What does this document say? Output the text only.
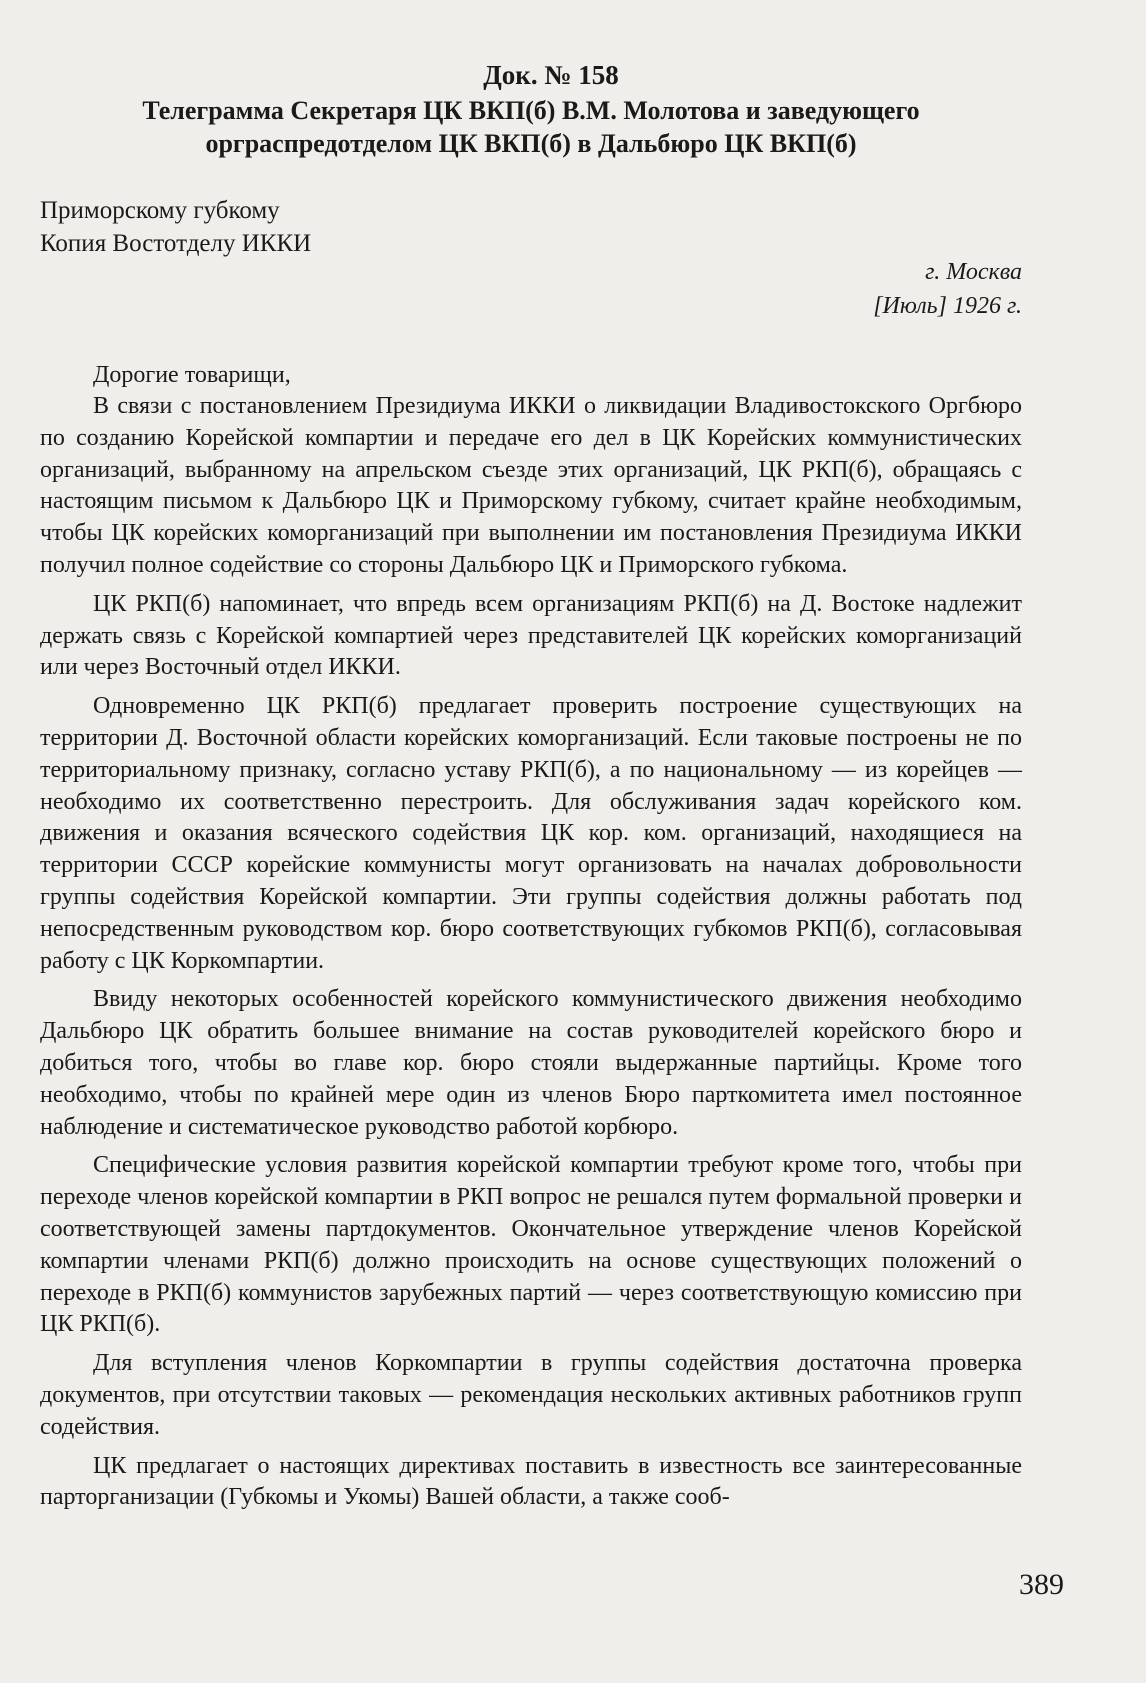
Док. № 158
Телеграмма Секретаря ЦК ВКП(б) В.М. Молотова и заведующего
орграспредотделом ЦК ВКП(б) в Дальбюро ЦК ВКП(б)
Приморскому губкому
Копия Востотделу ИККИ
г. Москва
[Июль] 1926 г.
Дорогие товарищи,

В связи с постановлением Президиума ИККИ о ликвидации Владивостокского Оргбюро по созданию Корейской компартии и передаче его дел в ЦК Корейских коммунистических организаций, выбранному на апрельском съезде этих организаций, ЦК РКП(б), обращаясь с настоящим письмом к Дальбюро ЦК и Приморскому губкому, считает крайне необходимым, чтобы ЦК корейских коморганизаций при выполнении им постановления Президиума ИККИ получил полное содействие со стороны Дальбюро ЦК и Приморского губкома.

ЦК РКП(б) напоминает, что впредь всем организациям РКП(б) на Д. Востоке надлежит держать связь с Корейской компартией через представителей ЦК корейских коморганизаций или через Восточный отдел ИККИ.

Одновременно ЦК РКП(б) предлагает проверить построение существующих на территории Д. Восточной области корейских коморганизаций. Если таковые построены не по территориальному признаку, согласно уставу РКП(б), а по национальному — из корейцев — необходимо их соответственно перестроить. Для обслуживания задач корейского ком. движения и оказания всяческого содействия ЦК кор. ком. организаций, находящиеся на территории СССР корейские коммунисты могут организовать на началах добровольности группы содействия Корейской компартии. Эти группы содействия должны работать под непосредственным руководством кор. бюро соответствующих губкомов РКП(б), согласовывая работу с ЦК Коркомпартии.

Ввиду некоторых особенностей корейского коммунистического движения необходимо Дальбюро ЦК обратить большее внимание на состав руководителей корейского бюро и добиться того, чтобы во главе кор. бюро стояли выдержанные партийцы. Кроме того необходимо, чтобы по крайней мере один из членов Бюро парткомитета имел постоянное наблюдение и систематическое руководство работой корбюро.

Специфические условия развития корейской компартии требуют кроме того, чтобы при переходе членов корейской компартии в РКП вопрос не решался путем формальной проверки и соответствующей замены партдокументов. Окончательное утверждение членов Корейской компартии членами РКП(б) должно происходить на основе существующих положений о переходе в РКП(б) коммунистов зарубежных партий — через соответствующую комиссию при ЦК РКП(б).

Для вступления членов Коркомпартии в группы содействия достаточна проверка документов, при отсутствии таковых — рекомендация нескольких активных работников групп содействия.

ЦК предлагает о настоящих директивах поставить в известность все заинтересованные парторганизации (Губкомы и Укомы) Вашей области, а также сооб-

389
